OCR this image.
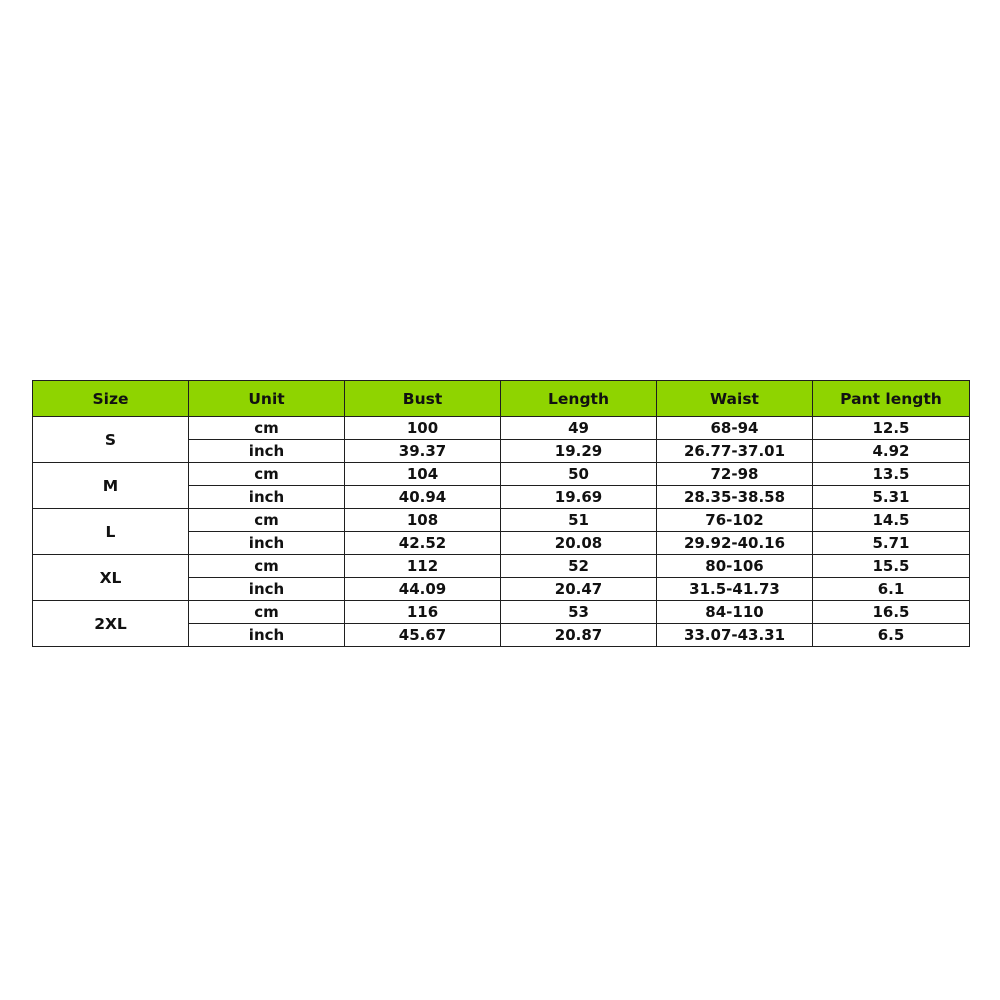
Size	Unit	Bust	Length	Waist	Pant length
S	cm	100	49	68-94	12.5
	inch	39.37	19.29	26.77-37.01	4.92
M	cm	104	50	72-98	13.5
	inch	40.94	19.69	28.35-38.58	5.31
L	cm	108	51	76-102	14.5
	inch	42.52	20.08	29.92-40.16	5.71
XL	cm	112	52	80-106	15.5
	inch	44.09	20.47	31.5-41.73	6.1
2XL	cm	116	53	84-110	16.5
	inch	45.67	20.87	33.07-43.31	6.5
